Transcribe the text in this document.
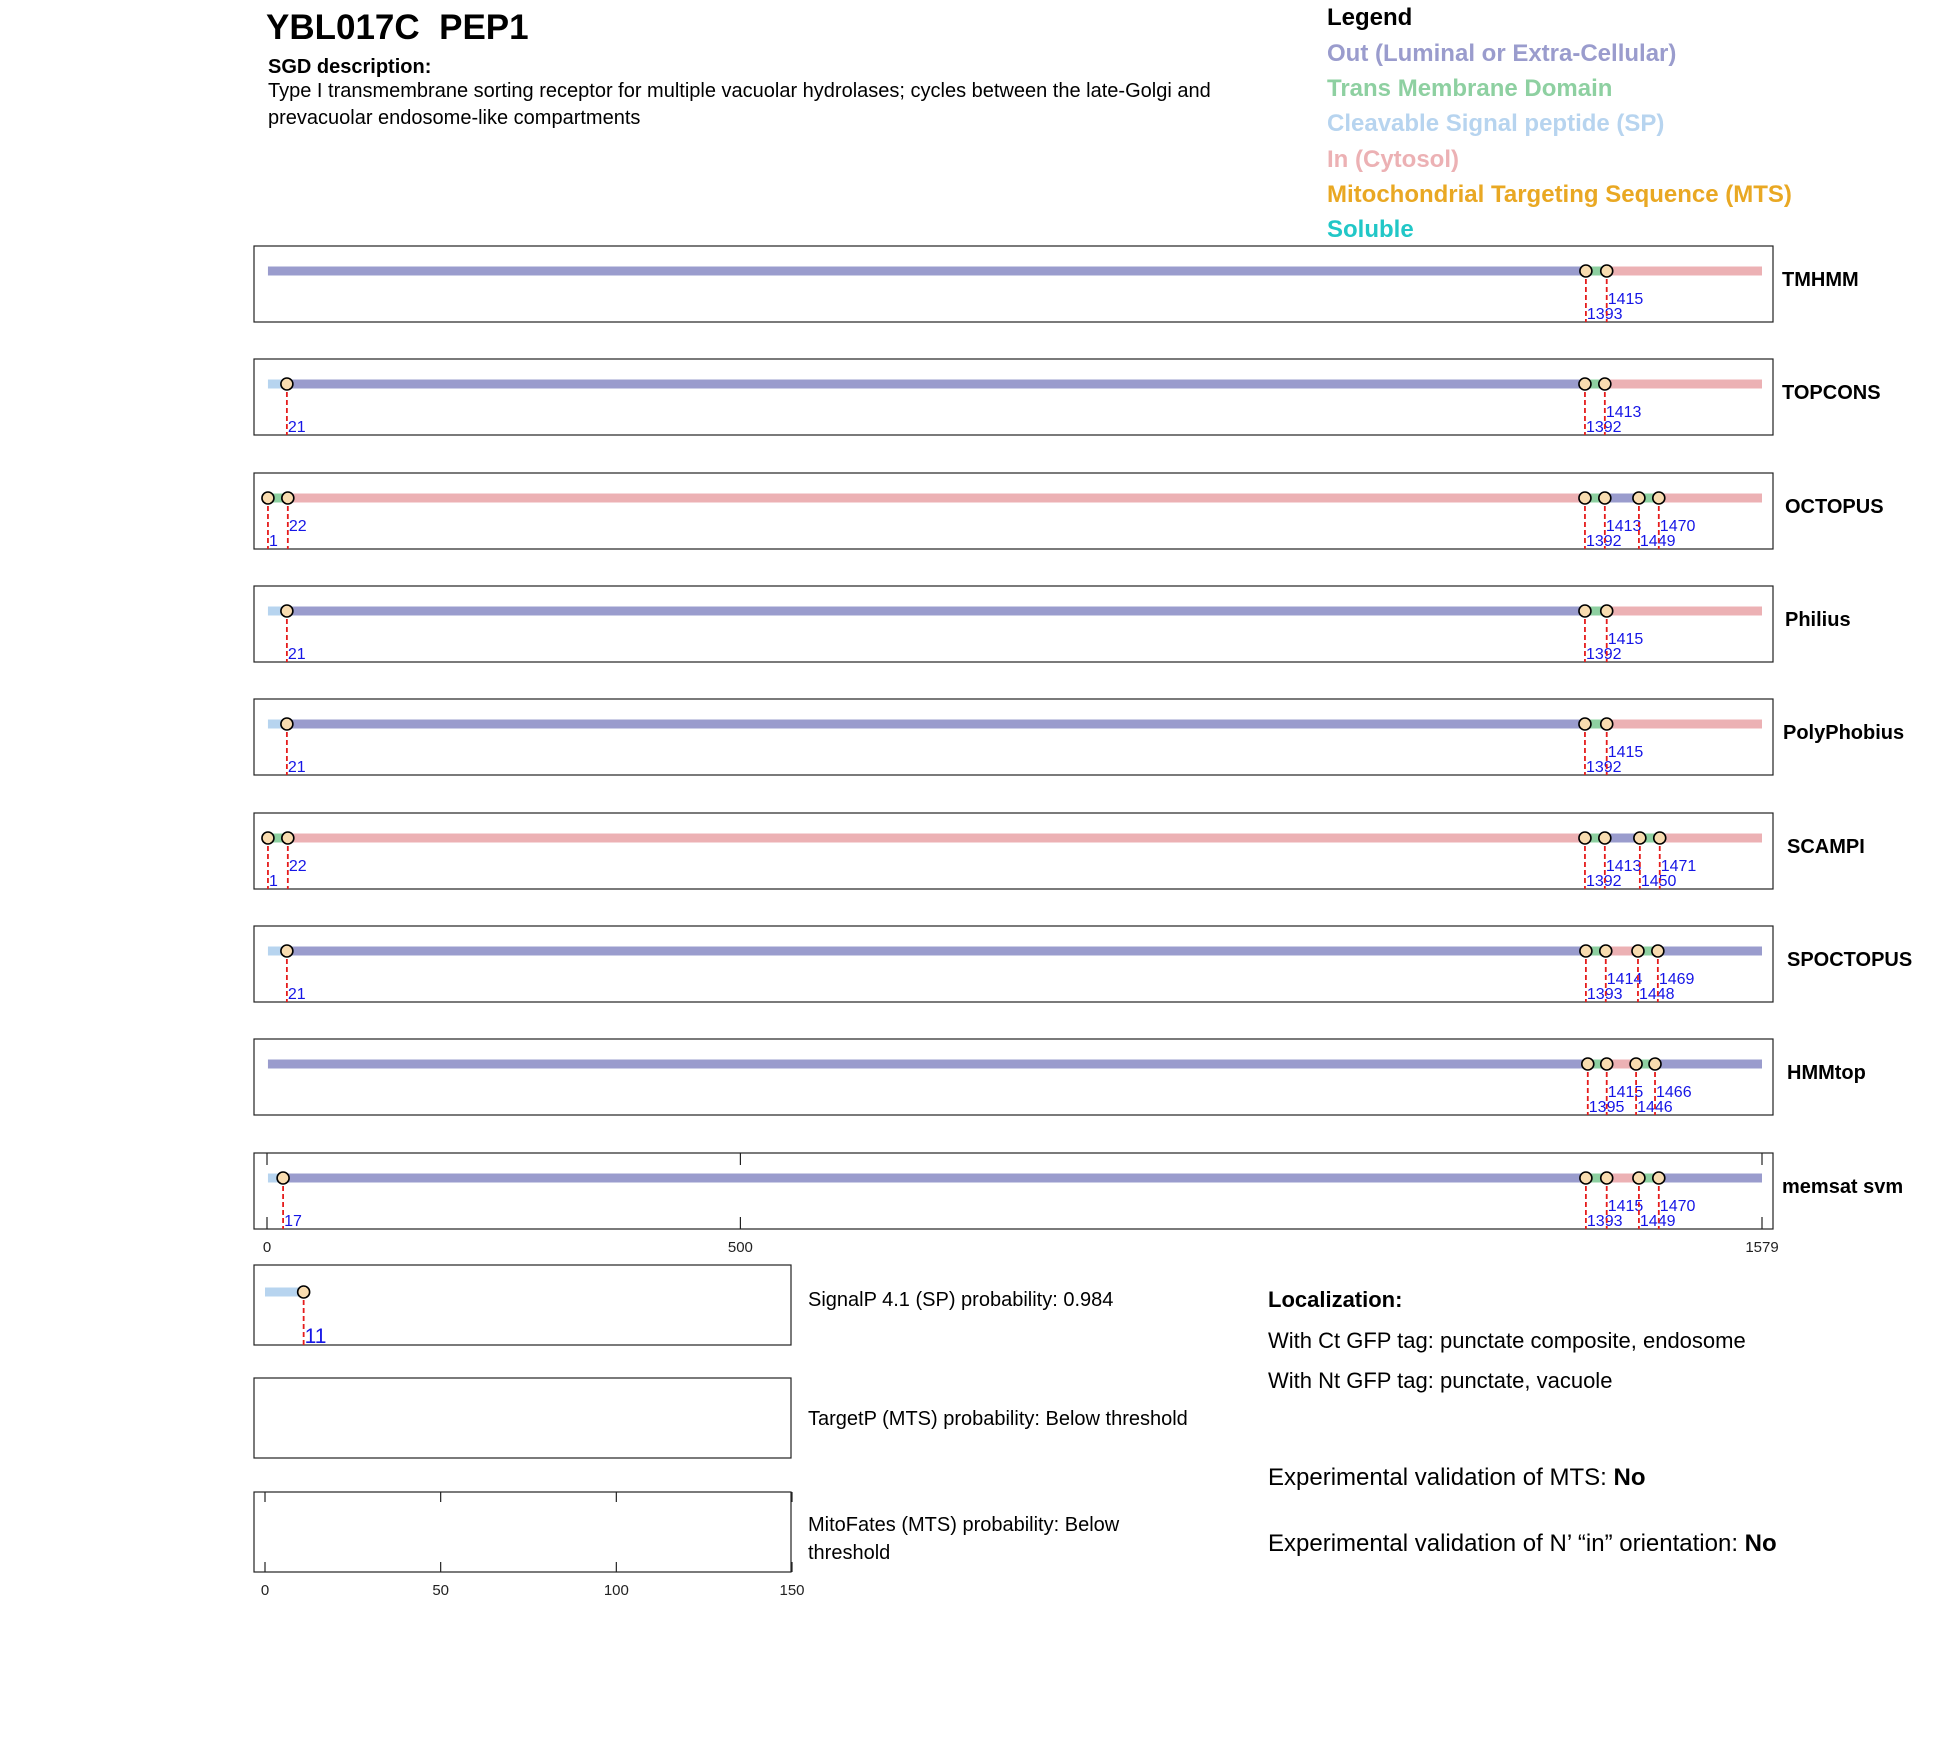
YBL017C  PEP1
SGD description:
Type I transmembrane sorting receptor for multiple vacuolar hydrolases; cycles between the late-Golgi and prevacuolar endosome-like compartments
Legend
Out (Luminal or Extra-Cellular)
Trans Membrane Domain
Cleavable Signal peptide (SP)
In (Cytosol)
Mitochondrial Targeting Sequence (MTS)
Soluble
1393
1415
21	1392
1413
1
22
1392
1413
1449
1470
21	1392
1415
21	1392
1415
1
22
1392
1413
1450
1471
21	1393
1414
1448
1469
1395
1415
1446
1466
17	1393
1415
1449
1470
0	500	1579
11
0	50	100	150
TMHMM
TOPCONS
OCTOPUS
Philius
PolyPhobius
SCAMPI
SPOCTOPUS
HMMtop
memsat svm
SignalP 4.1 (SP) probability: 0.984
TargetP (MTS) probability: Below threshold
MitoFates (MTS) probability: Below threshold
Localization:
With Ct GFP tag: punctate composite, endosome
With Nt GFP tag: punctate, vacuole
Experimental validation of MTS: No
Experimental validation of N’ “in” orientation: No
